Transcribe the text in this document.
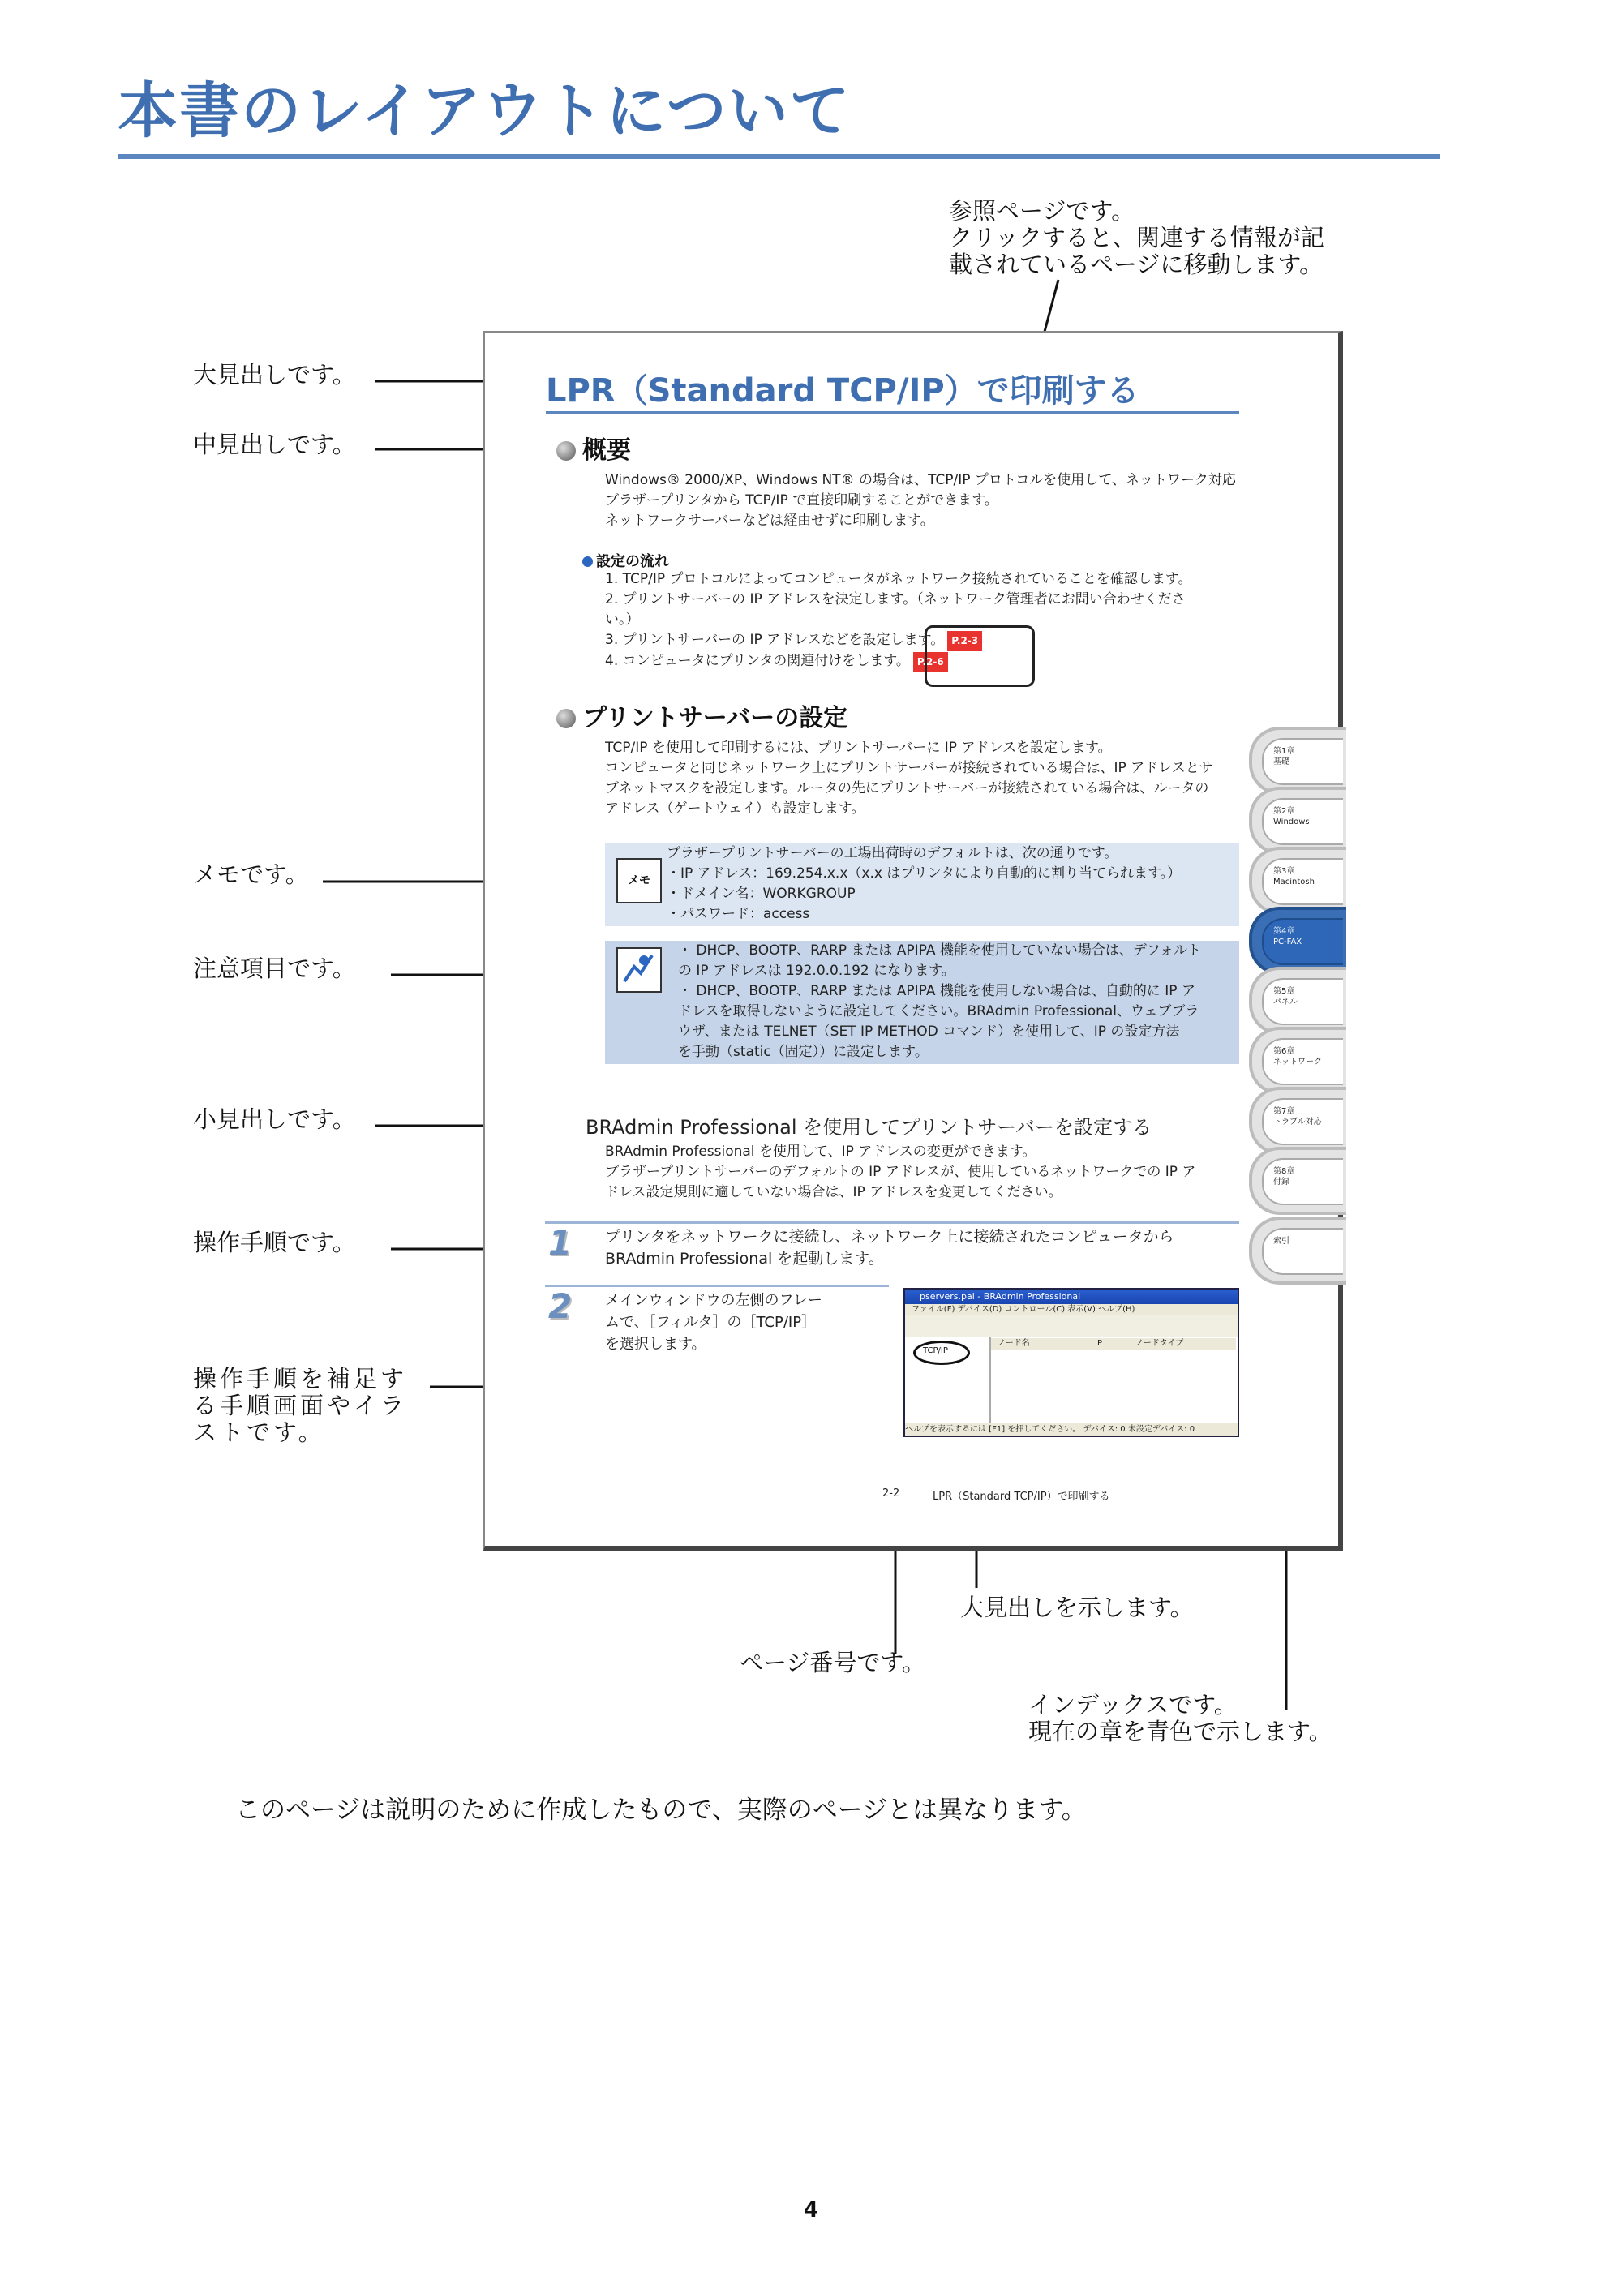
本書のレイアウトについて
参照ページです。
クリックすると、関連する情報が記
載されているページに移動します。
大見出しです。
中見出しです。
メモです。
注意項目です。
小見出しです。
操作手順です。
操作手順を補足す
る手順画面やイラ
ストです。
大見出しを示します。
ページ番号です。
インデックスです。
現在の章を青色で示します。
LPR（Standard TCP/IP）で印刷する
概要
Windows® 2000/XP、Windows NT® の場合は、TCP/IP プロトコルを使用して、ネットワーク対応
ブラザープリンタから TCP/IP で直接印刷することができます。
ネットワークサーバーなどは経由せずに印刷します。
設定の流れ
1. TCP/IP プロトコルによってコンピュータがネットワーク接続されていることを確認します。
2. プリントサーバーの IP アドレスを決定します。（ネットワーク管理者にお問い合わせくださ
い。）
3. プリントサーバーの IP アドレスなどを設定します。 P.2-3
4. コンピュータにプリンタの関連付けをします。 P.2-6
プリントサーバーの設定
TCP/IP を使用して印刷するには、プリントサーバーに IP アドレスを設定します。
コンピュータと同じネットワーク上にプリントサーバーが接続されている場合は、IP アドレスとサ
ブネットマスクを設定します。ルータの先にプリントサーバーが接続されている場合は、ルータの
アドレス（ゲートウェイ）も設定します。
メモ
ブラザープリントサーバーの工場出荷時のデフォルトは、次の通りです。
・IP アドレス：169.254.x.x（x.x はプリンタにより自動的に割り当てられます。）
・ドメイン名：WORKGROUP
・パスワード：access
・ DHCP、BOOTP、RARP または APIPA 機能を使用していない場合は、デフォルト
の IP アドレスは 192.0.0.192 になります。
・ DHCP、BOOTP、RARP または APIPA 機能を使用しない場合は、自動的に IP ア
ドレスを取得しないように設定してください。BRAdmin Professional、ウェブブラ
ウザ、または TELNET（SET IP METHOD コマンド）を使用して、IP の設定方法
を手動（static（固定））に設定します。
BRAdmin Professional を使用してプリントサーバーを設定する
BRAdmin Professional を使用して、IP アドレスの変更ができます。
ブラザープリントサーバーのデフォルトの IP アドレスが、使用しているネットワークでの IP ア
ドレス設定規則に適していない場合は、IP アドレスを変更してください。
1	プリンタをネットワークに接続し、ネットワーク上に接続されたコンピュータから
BRAdmin Professional を起動します。
2	メインウィンドウの左側のフレー
ムで、［フィルタ］の［TCP/IP］
を選択します。
pservers.pal - BRAdmin Professional
ファイル(F) デバイス(D) コントロール(C) 表示(V) ヘルプ(H)
TCP/IP
ノード名	IP	ノードタイプ
ヘルプを表示するには [F1] を押してください。 デバイス: 0 未設定デバイス: 0
第1章
基礎
第2章
Windows
第3章
Macintosh
第4章
PC-FAX
第5章
パネル
第6章
ネットワーク
第7章
トラブル対応
第8章
付録
索引
2-2	LPR（Standard TCP/IP）で印刷する
このページは説明のために作成したもので、実際のページとは異なります。
4
